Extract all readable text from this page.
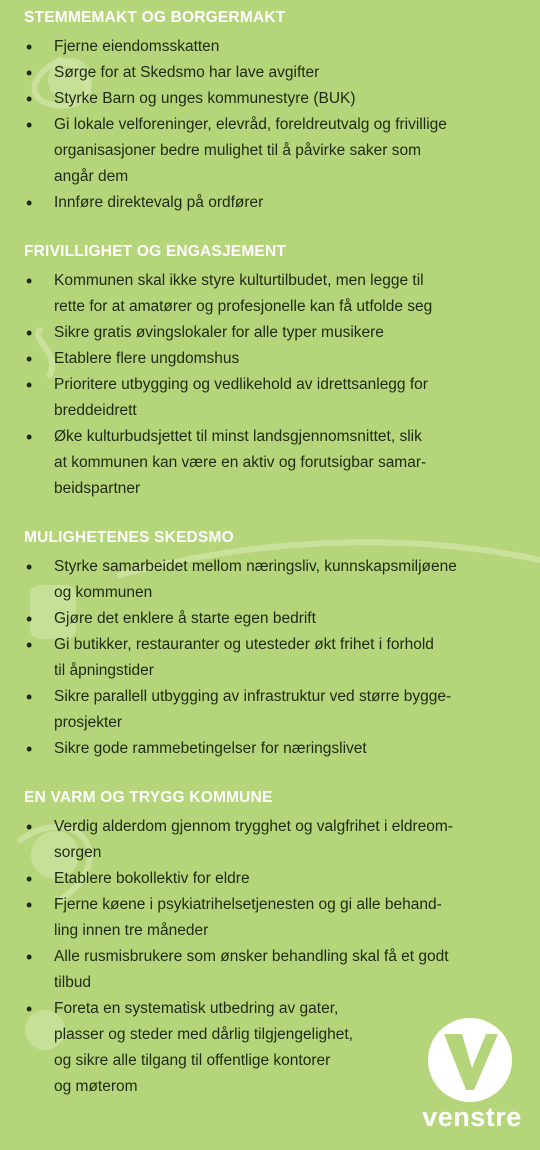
STEMMEMAKT OG BORGERMAKT
• Fjerne eiendomsskatten
• Sørge for at Skedsmo har lave avgifter
• Styrke Barn og unges kommunestyre (BUK)
• Gi lokale velforeninger, elevråd, foreldreutvalg og frivillige
organisasjoner bedre mulighet til å påvirke saker som
angår dem
• Innføre direktevalg på ordfører
FRIVILLIGHET OG ENGASJEMENT
• Kommunen skal ikke styre kulturtilbudet, men legge til
rette for at amatører og profesjonelle kan få utfolde seg
• Sikre gratis øvingslokaler for alle typer musikere
• Etablere flere ungdomshus
• Prioritere utbygging og vedlikehold av idrettsanlegg for
breddeidrett
• Øke kulturbudsjettet til minst landsgjennomsnittet, slik
at kommunen kan være en aktiv og forutsigbar samar-
beidspartner
MULIGHETENES SKEDSMO
• Styrke samarbeidet mellom næringsliv, kunnskapsmiljøene
og kommunen
• Gjøre det enklere å starte egen bedrift
• Gi butikker, restauranter og utesteder økt frihet i forhold
til åpningstider
• Sikre parallell utbygging av infrastruktur ved større bygge-
prosjekter
• Sikre gode rammebetingelser for næringslivet
EN VARM OG TRYGG KOMMUNE
• Verdig alderdom gjennom trygghet og valgfrihet i eldreom-
sorgen
• Etablere bokollektiv for eldre
• Fjerne køene i psykiatrihelsetjenesten og gi alle behand-
ling innen tre måneder
• Alle rusmisbrukere som ønsker behandling skal få et godt
tilbud
• Foreta en systematisk utbedring av gater,
plasser og steder med dårlig tilgjengelighet,
og sikre alle tilgang til offentlige kontorer
og møterom
venstre
